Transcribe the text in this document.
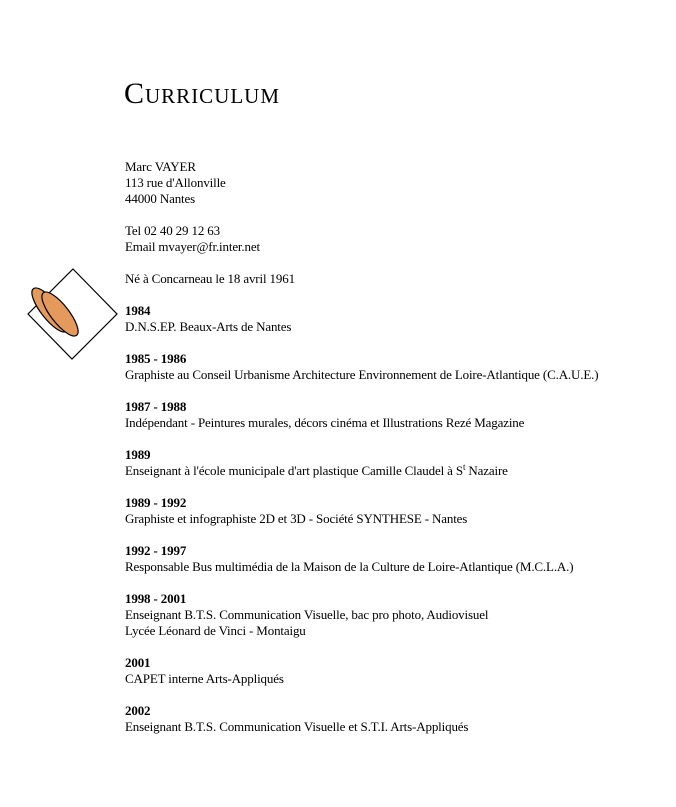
Curriculum
Marc VAYER
113 rue d'Allonville
44000 Nantes
Tel 02 40 29 12 63
Email mvayer@fr.inter.net
Né à Concarneau le 18 avril 1961
1984
D.N.S.EP. Beaux-Arts de Nantes
1985 - 1986
Graphiste au Conseil Urbanisme Architecture Environnement de Loire-Atlantique (C.A.U.E.)
1987 - 1988
Indépendant - Peintures murales, décors cinéma et Illustrations Rezé Magazine
1989
Enseignant à l'école municipale d'art plastique Camille Claudel à $S^t$ Nazaire
1989 - 1992
Graphiste et infographiste 2D et 3D - Société SYNTHESE - Nantes
1992 - 1997
Responsable Bus multimédia de la Maison de la Culture de Loire-Atlantique (M.C.L.A.)
1998 - 2001
Enseignant B.T.S. Communication Visuelle, bac pro photo, Audiovisuel
Lycée Léonard de Vinci - Montaigu
2001
CAPET interne Arts-Appliqués
2002
Enseignant B.T.S. Communication Visuelle et S.T.I. Arts-Appliqués
